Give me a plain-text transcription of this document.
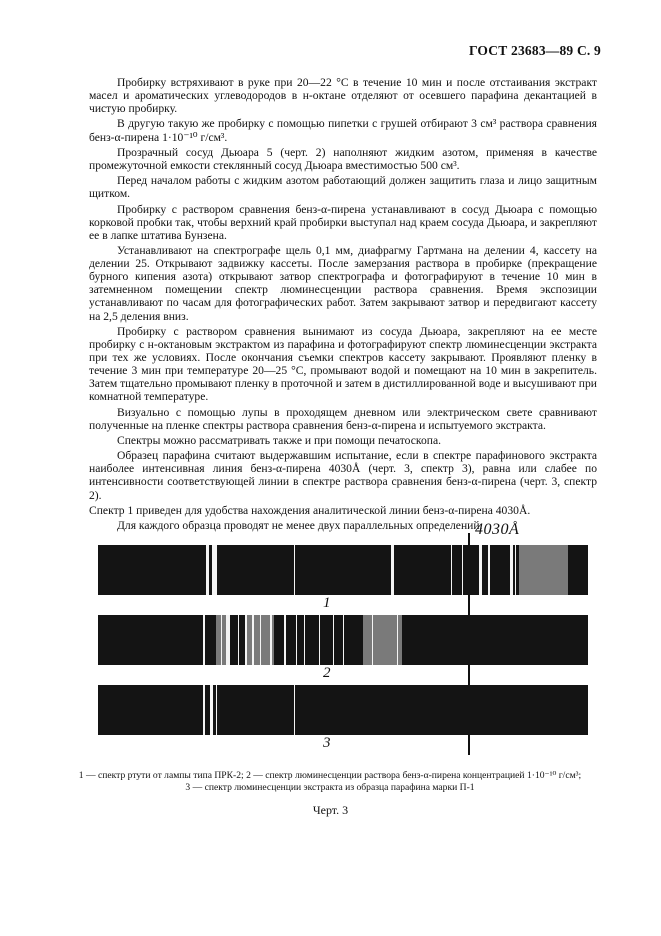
ГОСТ 23683—89 С. 9

Пробирку встряхивают в руке при 20—22 °С в течение 10 мин и после отстаивания экстракт масел и ароматических углеводородов в н-октане отделяют от осевшего парафина декантацией в чистую пробирку.

В другую такую же пробирку с помощью пипетки с грушей отбирают 3 см³ раствора сравнения бенз-α-пирена 1·10⁻¹⁰ г/см³.

Прозрачный сосуд Дьюара 5 (черт. 2) наполняют жидким азотом, применяя в качестве промежуточной емкости стеклянный сосуд Дьюара вместимостью 500 см³.

Перед началом работы с жидким азотом работающий должен защитить глаза и лицо защитным щитком.

Пробирку с раствором сравнения бенз-α-пирена устанавливают в сосуд Дьюара с помощью корковой пробки так, чтобы верхний край пробирки выступал над краем сосуда Дьюара, и закрепляют ее в лапке штатива Бунзена.

Устанавливают на спектрографе щель 0,1 мм, диафрагму Гартмана на делении 4, кассету на делении 25. Открывают задвижку кассеты. После замерзания раствора в пробирке (прекращение бурного кипения азота) открывают затвор спектрографа и фотографируют в течение 10 мин в затемненном помещении спектр люминесценции раствора сравнения. Время экспозиции устанавливают по часам для фотографических работ. Затем закрывают затвор и передвигают кассету на 2,5 деления вниз.

Пробирку с раствором сравнения вынимают из сосуда Дьюара, закрепляют на ее месте пробирку с н-октановым экстрактом из парафина и фотографируют спектр люминесценции экстракта при тех же условиях. После окончания съемки спектров кассету закрывают. Проявляют пленку в течение 3 мин при температуре 20—25 °С, промывают водой и помещают на 10 мин в закрепитель. Затем тщательно промывают пленку в проточной и затем в дистиллированной воде и высушивают при комнатной температуре.

Визуально с помощью лупы в проходящем дневном или электрическом свете сравнивают полученные на пленке спектры раствора сравнения бенз-α-пирена и испытуемого экстракта.

Спектры можно рассматривать также и при помощи печатоскопа.

Образец парафина считают выдержавшим испытание, если в спектре парафинового экстракта наиболее интенсивная линия бенз-α-пирена 4030Å (черт. 3, спектр 3), равна или слабее по интенсивности соответствующей линии в спектре раствора сравнения бенз-α-пирена (черт. 3, спектр 2).

Спектр 1 приведен для удобства нахождения аналитической линии бенз-α-пирена 4030Å.

Для каждого образца проводят не менее двух параллельных определений.

4030Å
1
2
3
1 — спектр ртути от лампы типа ПРК-2; 2 — спектр люминесценции раствора бенз-α-пирена концентрацией 1·10⁻¹⁰ г/см³;
3 — спектр люминесценции экстракта из образца парафина марки П-1
Черт. 3
